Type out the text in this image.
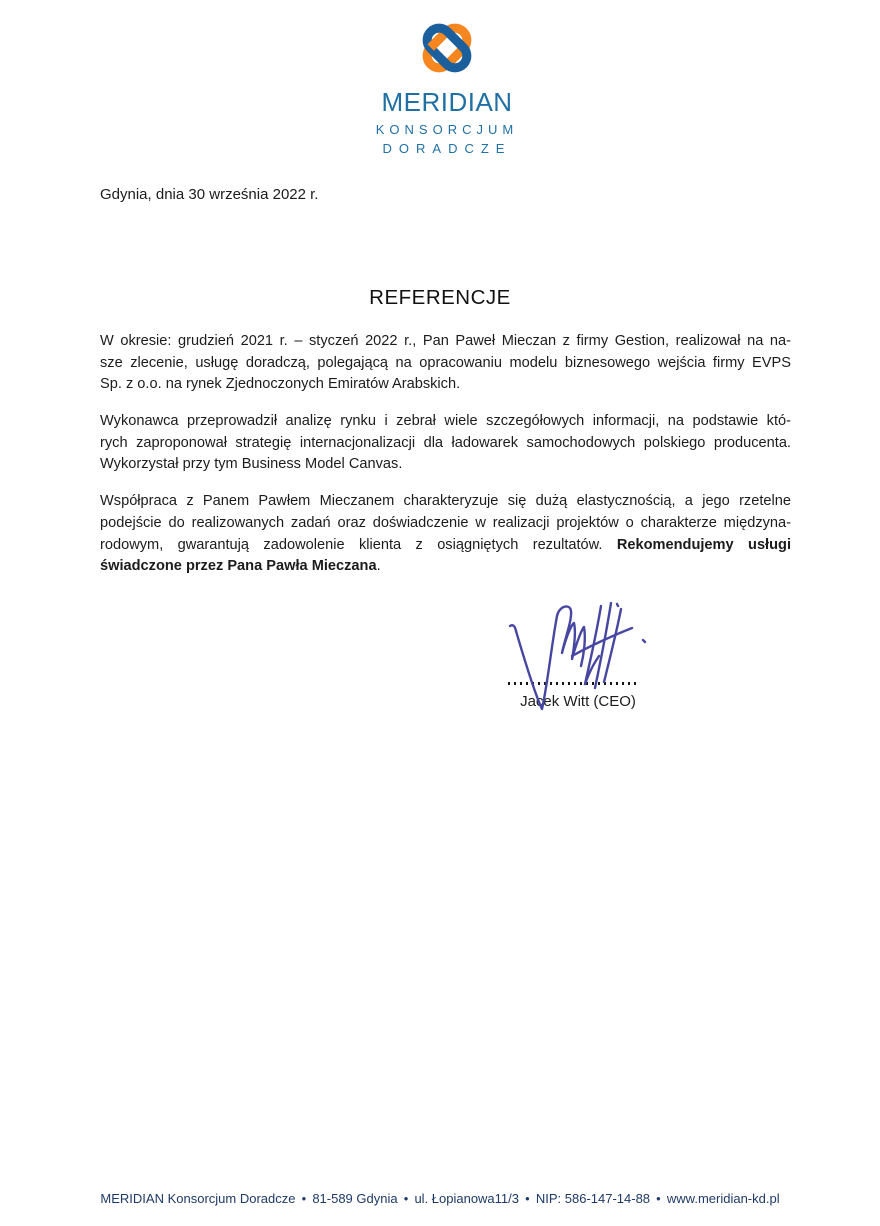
MERIDIAN
KONSORCJUM
DORADCZE
Gdynia, dnia 30 września 2022 r.
REFERENCJE
W okresie: grudzień 2021 r. – styczeń 2022 r., Pan Paweł Mieczan z firmy Gestion, realizował na na-
sze zlecenie, usługę doradczą, polegającą na opracowaniu modelu biznesowego wejścia firmy EVPS
Sp. z o.o. na rynek Zjednoczonych Emiratów Arabskich.
Wykonawca przeprowadził analizę rynku i zebrał wiele szczegółowych informacji, na podstawie któ-
rych zaproponował strategię internacjonalizacji dla ładowarek samochodowych polskiego producenta.
Wykorzystał przy tym Business Model Canvas.
Współpraca z Panem Pawłem Mieczanem charakteryzuje się dużą elastycznością, a jego rzetelne
podejście do realizowanych zadań oraz doświadczenie w realizacji projektów o charakterze międzyna-
rodowym, gwarantują zadowolenie klienta z osiągniętych rezultatów. Rekomendujemy usługi
świadczone przez Pana Pawła Mieczana.
Jacek Witt (CEO)
MERIDIAN Konsorcjum Doradcze ● 81-589 Gdynia ● ul. Łopianowa11/3 ● NIP: 586-147-14-88 ● www.meridian-kd.pl
